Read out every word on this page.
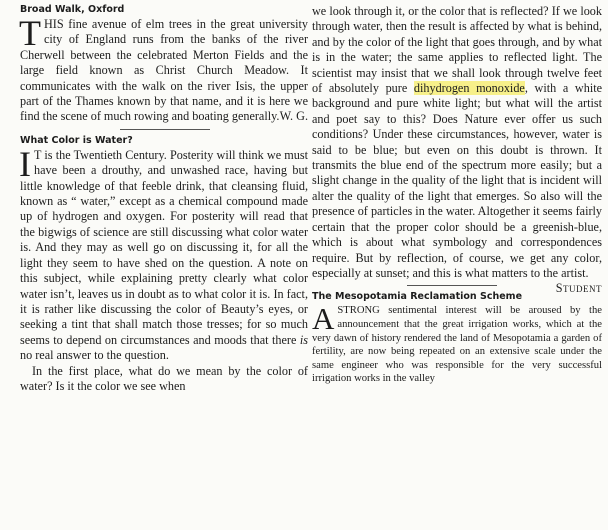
Broad Walk, Oxford

THIS fine avenue of elm trees in the great university city of England runs from the banks of the river Cherwell between the celebrated Merton Fields and the large field known as Christ Church Meadow. It communicates with the walk on the river Isis, the upper part of the Thames known by that name, and it is here we find the scene of much rowing and boating generally. W. G.

What Color is Water?

I T is the Twentieth Century. Posterity will think we must have been a drouthy, and unwashed race, having but little knowledge of that feeble drink, that cleansing fluid, known as “ water,” except as a chemical compound made up of hydrogen and oxygen. For posterity will read that the bigwigs of science are still discussing what color water is. And they may as well go on discussing it, for all the light they seem to have shed on the question. A note on this subject, while explaining pretty clearly what color water isn’t, leaves us in doubt as to what color it is. In fact, it is rather like discussing the color of Beauty’s eyes, or seeking a tint that shall match those tresses; for so much seems to depend on circumstances and moods that there is no real answer to the question.

In the first place, what do we mean by the color of water? Is it the color we see when

we look through it, or the color that is reflected? If we look through water, then the result is affected by what is behind, and by the color of the light that goes through, and by what is in the water; the same applies to reflected light. The scientist may insist that we shall look through twelve feet of absolutely pure dihydrogen monoxide, with a white background and pure white light; but what will the artist and poet say to this? Does Nature ever offer us such conditions? Under these circumstances, however, water is said to be blue; but even on this doubt is thrown. It transmits the blue end of the spectrum more easily; but a slight change in the quality of the light that is incident will alter the quality of the light that emerges. So also will the presence of particles in the water. Altogether it seems fairly certain that the proper color should be a greenish-blue, which is about what symbology and correspondences require. But by reflection, of course, we get any color, especially at sunset; and this is what matters to the artist.
Student

The Mesopotamia Reclamation Scheme

ASTRONG sentimental interest will be aroused by the announcement that the great irrigation works, which at the very dawn of history rendered the land of Mesopotamia a garden of fertility, are now being repeated on an extensive scale under the same engineer who was responsible for the very successful irrigation works in the valley
